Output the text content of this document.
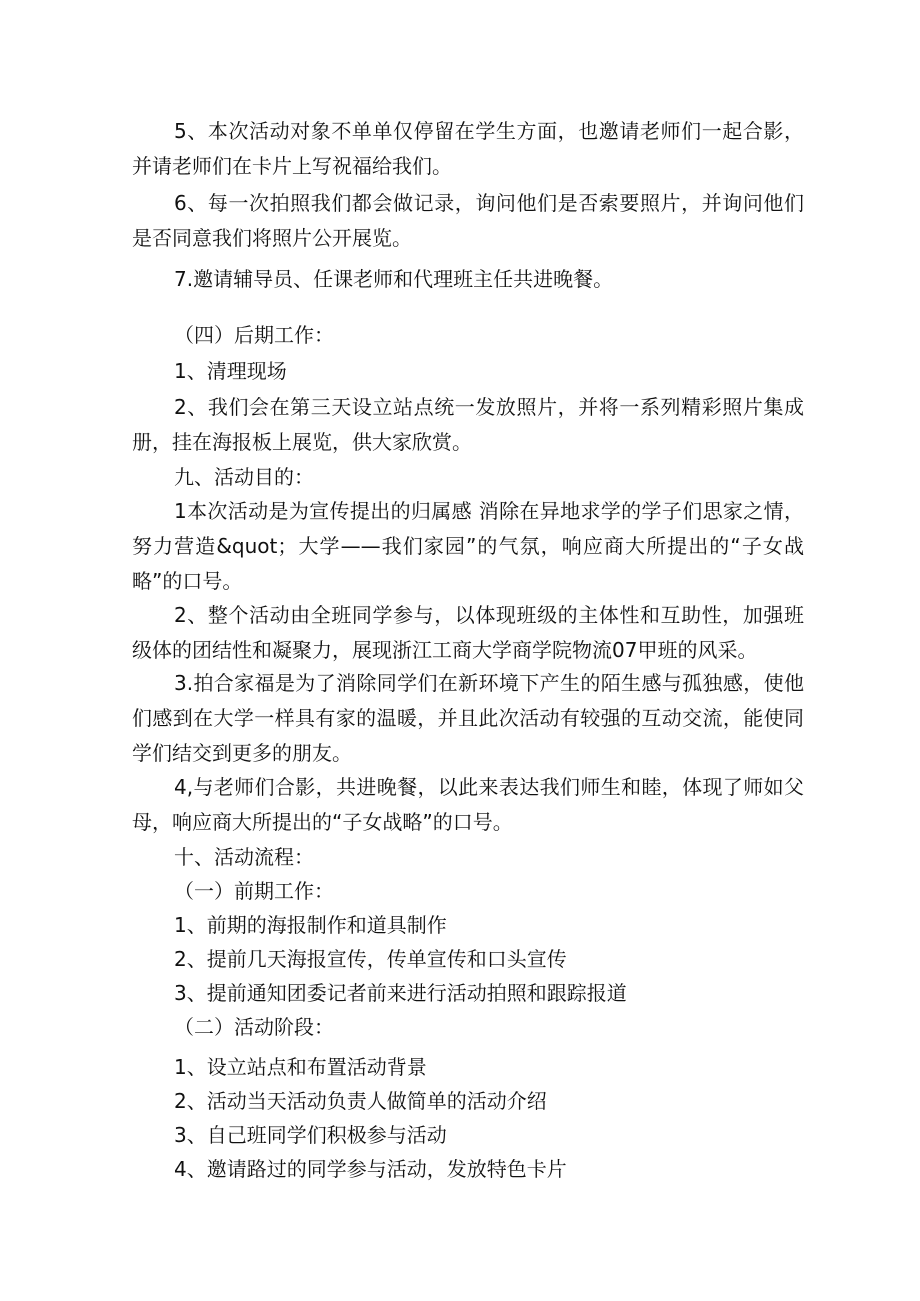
5、本次活动对象不单单仅停留在学生方面，也邀请老师们一起合影，并请老师们在卡片上写祝福给我们。

6、每一次拍照我们都会做记录，询问他们是否索要照片，并询问他们是否同意我们将照片公开展览。

7.邀请辅导员、任课老师和代理班主任共进晚餐。

（四）后期工作：

1、清理现场

2、我们会在第三天设立站点统一发放照片，并将一系列精彩照片集成册，挂在海报板上展览，供大家欣赏。

九、活动目的：

1本次活动是为宣传提出的归属感 消除在异地求学的学子们思家之情，努力营造&quot；大学——我们家园”的气氛，响应商大所提出的“子女战略”的口号。

2、整个活动由全班同学参与，以体现班级的主体性和互助性，加强班级体的团结性和凝聚力，展现浙江工商大学商学院物流07甲班的风采。

3.拍合家福是为了消除同学们在新环境下产生的陌生感与孤独感，使他们感到在大学一样具有家的温暖，并且此次活动有较强的互动交流，能使同学们结交到更多的朋友。

4,与老师们合影，共进晚餐，以此来表达我们师生和睦，体现了师如父母，响应商大所提出的“子女战略”的口号。

十、活动流程：

（一）前期工作：

1、前期的海报制作和道具制作

2、提前几天海报宣传，传单宣传和口头宣传

3、提前通知团委记者前来进行活动拍照和跟踪报道

（二）活动阶段：

1、设立站点和布置活动背景

2、活动当天活动负责人做简单的活动介绍

3、自己班同学们积极参与活动

4、邀请路过的同学参与活动，发放特色卡片
